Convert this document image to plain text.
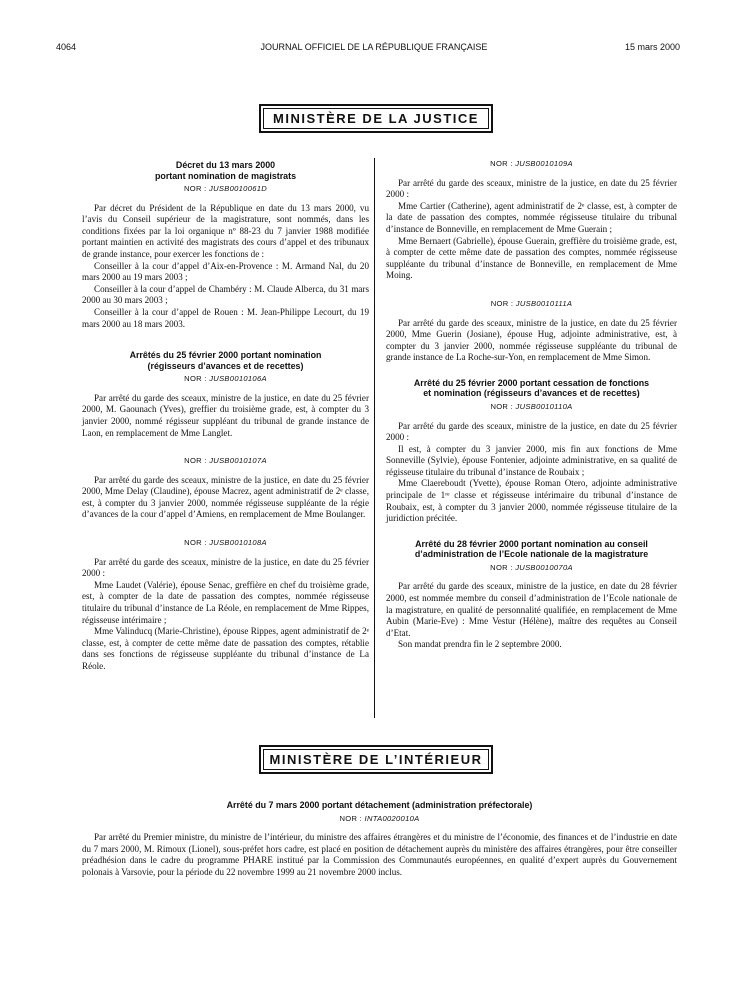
4064	JOURNAL OFFICIEL DE LA RÉPUBLIQUE FRANÇAISE	15 mars 2000
MINISTÈRE DE LA JUSTICE
Décret du 13 mars 2000
portant nomination de magistrats
NOR : JUSB0010061D

Par décret du Président de la République en date du 13 mars 2000, vu l’avis du Conseil supérieur de la magistrature, sont nommés, dans les conditions fixées par la loi organique nº 88-23 du 7 janvier 1988 modifiée portant maintien en activité des magistrats des cours d’appel et des tribunaux de grande instance, pour exercer les fonctions de :

Conseiller à la cour d’appel d’Aix-en-Provence : M. Armand Nal, du 20 mars 2000 au 19 mars 2003 ;

Conseiller à la cour d’appel de Chambéry : M. Claude Alberca, du 31 mars 2000 au 30 mars 2003 ;

Conseiller à la cour d’appel de Rouen : M. Jean-Philippe Lecourt, du 19 mars 2000 au 18 mars 2003.

Arrêtés du 25 février 2000 portant nomination
(régisseurs d’avances et de recettes)
NOR : JUSB0010106A

Par arrêté du garde des sceaux, ministre de la justice, en date du 25 février 2000, M. Gaounach (Yves), greffier du troisième grade, est, à compter du 3 janvier 2000, nommé régisseur suppléant du tribunal de grande instance de Laon, en remplacement de Mme Langlet.

NOR : JUSB0010107A

Par arrêté du garde des sceaux, ministre de la justice, en date du 25 février 2000, Mme Delay (Claudine), épouse Macrez, agent administratif de 2ᵉ classe, est, à compter du 3 janvier 2000, nommée régisseuse suppléante de la régie d’avances de la cour d’appel d’Amiens, en remplacement de Mme Boulanger.

NOR : JUSB0010108A

Par arrêté du garde des sceaux, ministre de la justice, en date du 25 février 2000 :

Mme Laudet (Valérie), épouse Senac, greffière en chef du troisième grade, est, à compter de la date de passation des comptes, nommée régisseuse titulaire du tribunal d’instance de La Réole, en remplacement de Mme Rippes, régisseuse intérimaire ;

Mme Valinducq (Marie-Christine), épouse Rippes, agent administratif de 2ᵉ classe, est, à compter de cette même date de passation des comptes, rétablie dans ses fonctions de régisseuse suppléante du tribunal d’instance de La Réole.

NOR : JUSB0010109A

Par arrêté du garde des sceaux, ministre de la justice, en date du 25 février 2000 :

Mme Cartier (Catherine), agent administratif de 2ᵉ classe, est, à compter de la date de passation des comptes, nommée régisseuse titulaire du tribunal d’instance de Bonneville, en remplacement de Mme Guerain ;

Mme Bernaert (Gabrielle), épouse Guerain, greffière du troisième grade, est, à compter de cette même date de passation des comptes, nommée régisseuse suppléante du tribunal d’instance de Bonneville, en remplacement de Mme Moing.

NOR : JUSB0010111A

Par arrêté du garde des sceaux, ministre de la justice, en date du 25 février 2000, Mme Guerin (Josiane), épouse Hug, adjointe administrative, est, à compter du 3 janvier 2000, nommée régisseuse suppléante du tribunal de grande instance de La Roche-sur-Yon, en remplacement de Mme Simon.

Arrêté du 25 février 2000 portant cessation de fonctions
et nomination (régisseurs d’avances et de recettes)
NOR : JUSB0010110A

Par arrêté du garde des sceaux, ministre de la justice, en date du 25 février 2000 :

Il est, à compter du 3 janvier 2000, mis fin aux fonctions de Mme Sonneville (Sylvie), épouse Fontenier, adjointe administrative, en sa qualité de régisseuse titulaire du tribunal d’instance de Roubaix ;

Mme Claereboudt (Yvette), épouse Roman Otero, adjointe administrative principale de 1ʳᵉ classe et régisseuse intérimaire du tribunal d’instance de Roubaix, est, à compter du 3 janvier 2000, nommée régisseuse titulaire de la juridiction précitée.

Arrêté du 28 février 2000 portant nomination au conseil
d’administration de l’Ecole nationale de la magistrature
NOR : JUSB0010070A

Par arrêté du garde des sceaux, ministre de la justice, en date du 28 février 2000, est nommée membre du conseil d’administration de l’Ecole nationale de la magistrature, en qualité de personnalité qualifiée, en remplacement de Mme Aubin (Marie-Eve) : Mme Vestur (Hélène), maître des requêtes au Conseil d’Etat.

Son mandat prendra fin le 2 septembre 2000.

MINISTÈRE DE L’INTÉRIEUR
Arrêté du 7 mars 2000 portant détachement (administration préfectorale)
NOR : INTA0020010A

Par arrêté du Premier ministre, du ministre de l’intérieur, du ministre des affaires étrangères et du ministre de l’économie, des finances et de l’industrie en date du 7 mars 2000, M. Rimoux (Lionel), sous-préfet hors cadre, est placé en position de détachement auprès du ministère des affaires étrangères, pour être conseiller préadhésion dans le cadre du programme PHARE institué par la Commission des Communautés européennes, en qualité d’expert auprès du Gouvernement polonais à Varsovie, pour la période du 22 novembre 1999 au 21 novembre 2000 inclus.
